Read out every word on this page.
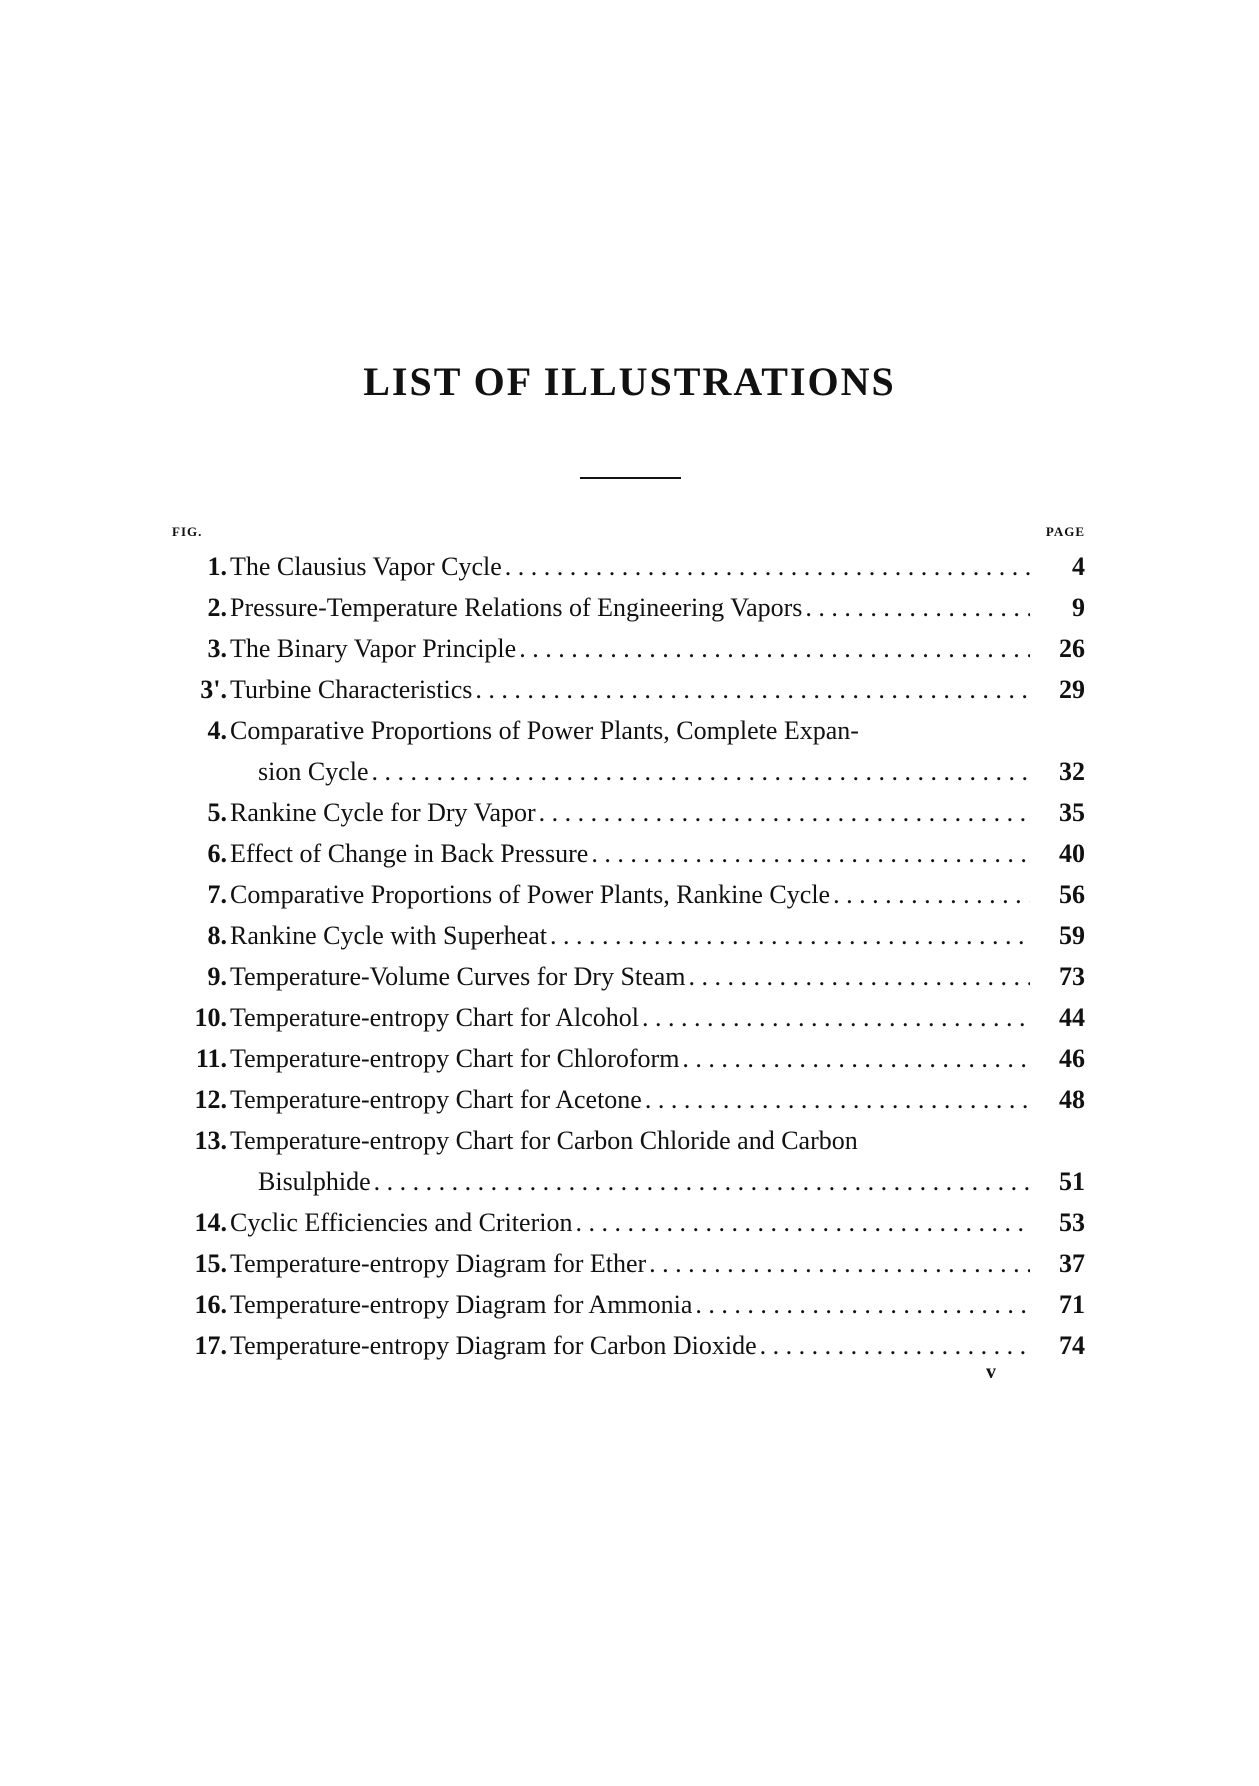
LIST OF ILLUSTRATIONS
FIG.	PAGE
1. The Clausius Vapor Cycle . . .	4
2. Pressure-Temperature Relations of Engineering Vapors . . .	9
3. The Binary Vapor Principle . . .	26
3'. Turbine Characteristics . . .	29
4. Comparative Proportions of Power Plants, Complete Expan-
sion Cycle . . .	32
5. Rankine Cycle for Dry Vapor . . .	35
6. Effect of Change in Back Pressure . . .	40
7. Comparative Proportions of Power Plants, Rankine Cycle . . .	56
8. Rankine Cycle with Superheat . . .	59
9. Temperature-Volume Curves for Dry Steam . . .	73
10. Temperature-entropy Chart for Alcohol . . .	44
11. Temperature-entropy Chart for Chloroform . . .	46
12. Temperature-entropy Chart for Acetone . . .	48
13. Temperature-entropy Chart for Carbon Chloride and Carbon
Bisulphide . . .	51
14. Cyclic Efficiencies and Criterion . . .	53
15. Temperature-entropy Diagram for Ether . . .	37
16. Temperature-entropy Diagram for Ammonia . . .	71
17. Temperature-entropy Diagram for Carbon Dioxide . . .	74
v
